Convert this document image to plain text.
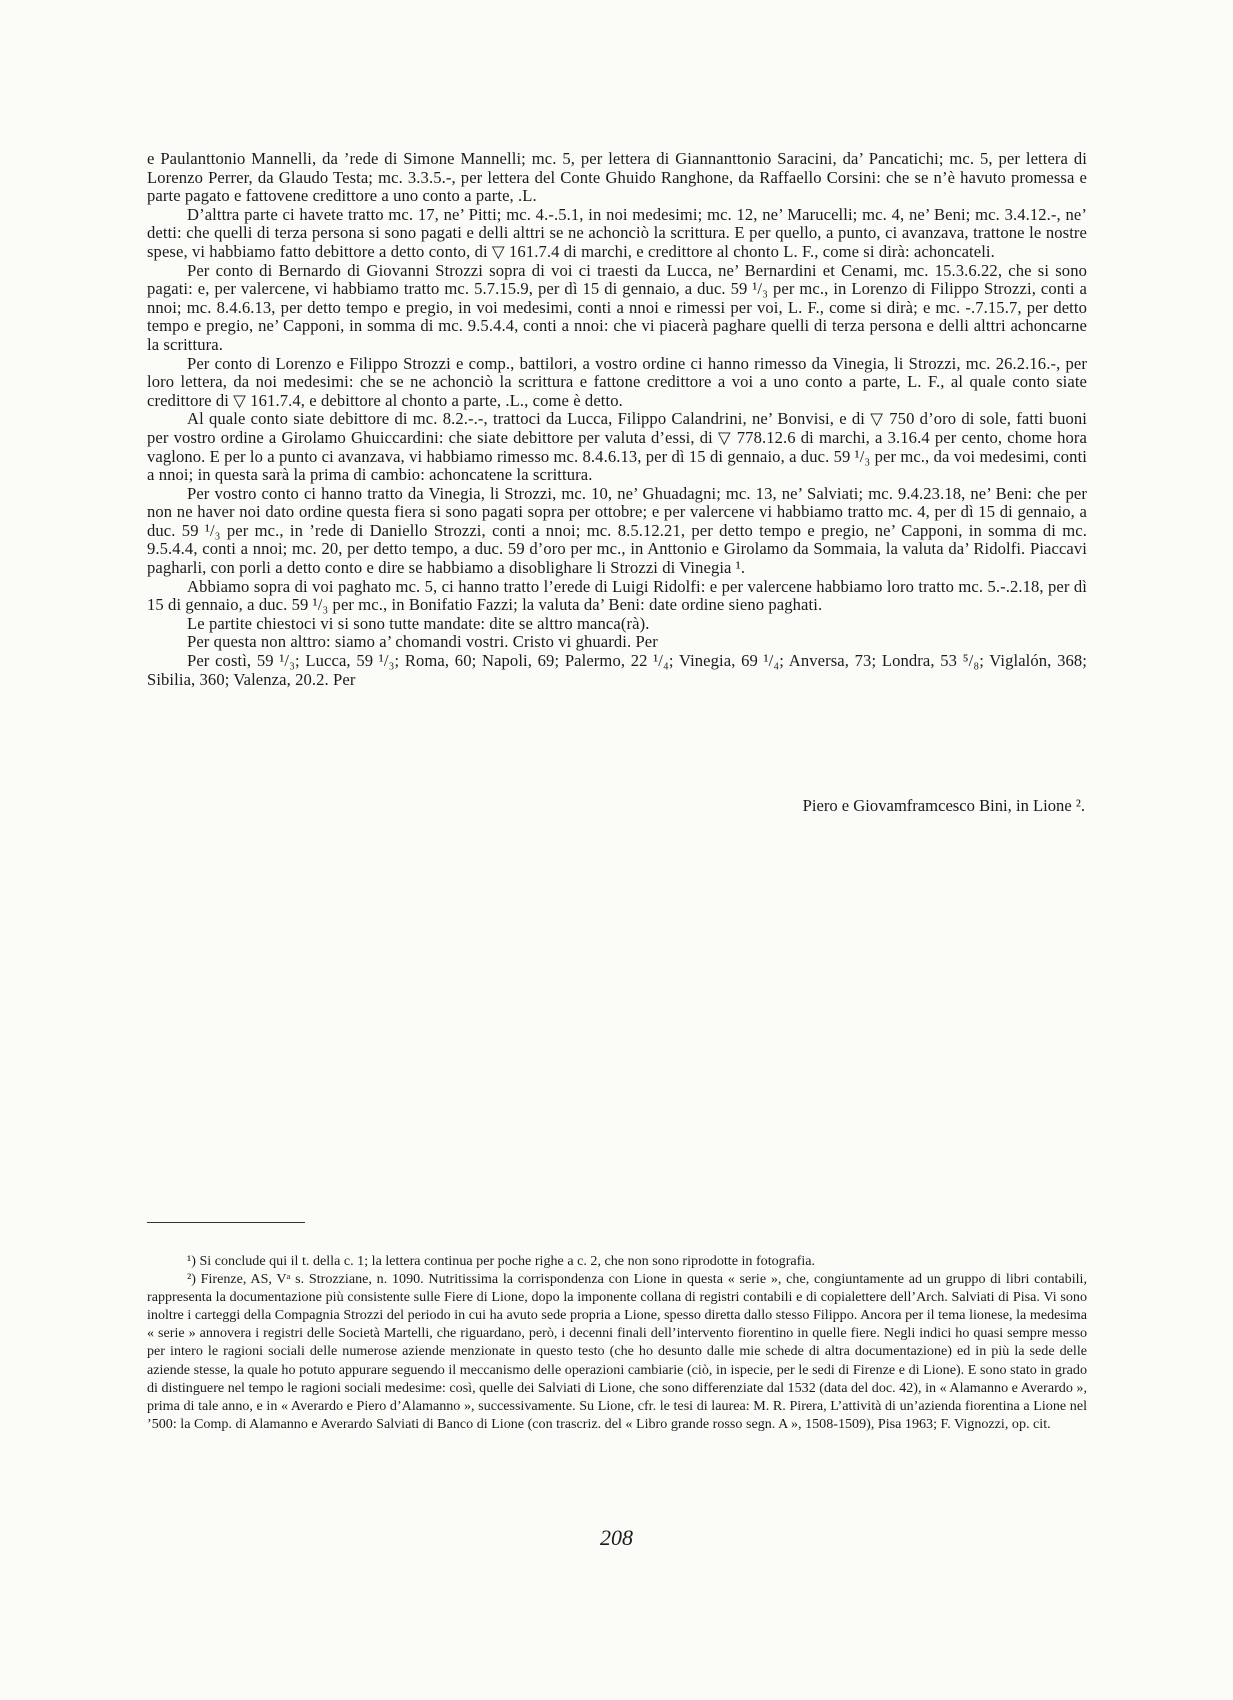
e Paulanttonio Mannelli, da ’rede di Simone Mannelli; mc. 5, per lettera di Giannanttonio Saracini, da’ Pancatichi; mc. 5, per lettera di Lorenzo Perrer, da Glaudo Testa; mc. 3.3.5.-, per lettera del Conte Ghuido Ranghone, da Raffaello Corsini: che se n’è havuto promessa e parte pagato e fattovene credittore a uno conto a parte, .L.

D’alttra parte ci havete tratto mc. 17, ne’ Pitti; mc. 4.-.5.1, in noi medesimi; mc. 12, ne’ Marucelli; mc. 4, ne’ Beni; mc. 3.4.12.-, ne’ detti: che quelli di terza persona si sono pagati e delli alttri se ne achonciò la scrittura. E per quello, a punto, ci avanzava, trattone le nostre spese, vi habbiamo fatto debittore a detto conto, di ▽ 161.7.4 di marchi, e credittore al chonto L. F., come si dirà: achoncateli.

Per conto di Bernardo di Giovanni Strozzi sopra di voi ci traesti da Lucca, ne’ Bernardini et Cenami, mc. 15.3.6.22, che si sono pagati: e, per valercene, vi habbiamo tratto mc. 5.7.15.9, per dì 15 di gennaio, a duc. 59 ¹/₃ per mc., in Lorenzo di Filippo Strozzi, conti a nnoi; mc. 8.4.6.13, per detto tempo e pregio, in voi medesimi, conti a nnoi e rimessi per voi, L. F., come si dirà; e mc. -.7.15.7, per detto tempo e pregio, ne’ Capponi, in somma di mc. 9.5.4.4, conti a nnoi: che vi piacerà paghare quelli di terza persona e delli alttri achoncarne la scrittura.

Per conto di Lorenzo e Filippo Strozzi e comp., battilori, a vostro ordine ci hanno rimesso da Vinegia, li Strozzi, mc. 26.2.16.-, per loro lettera, da noi medesimi: che se ne achonciò la scrittura e fattone credittore a voi a uno conto a parte, L. F., al quale conto siate credittore di ▽ 161.7.4, e debittore al chonto a parte, .L., come è detto.

Al quale conto siate debittore di mc. 8.2.-.-, trattoci da Lucca, Filippo Calandrini, ne’ Bonvisi, e di ▽ 750 d’oro di sole, fatti buoni per vostro ordine a Girolamo Ghuiccardini: che siate debittore per valuta d’essi, di ▽ 778.12.6 di marchi, a 3.16.4 per cento, chome hora vaglono. E per lo a punto ci avanzava, vi habbiamo rimesso mc. 8.4.6.13, per dì 15 di gennaio, a duc. 59 ¹/₃ per mc., da voi medesimi, conti a nnoi; in questa sarà la prima di cambio: achoncatene la scrittura.

Per vostro conto ci hanno tratto da Vinegia, li Strozzi, mc. 10, ne’ Ghuadagni; mc. 13, ne’ Salviati; mc. 9.4.23.18, ne’ Beni: che per non ne haver noi dato ordine questa fiera si sono pagati sopra per ottobre; e per valercene vi habbiamo tratto mc. 4, per dì 15 di gennaio, a duc. 59 ¹/₃ per mc., in ’rede di Daniello Strozzi, conti a nnoi; mc. 8.5.12.21, per detto tempo e pregio, ne’ Capponi, in somma di mc. 9.5.4.4, conti a nnoi; mc. 20, per detto tempo, a duc. 59 d’oro per mc., in Anttonio e Girolamo da Sommaia, la valuta da’ Ridolfi. Piaccavi pagharli, con porli a detto conto e dire se habbiamo a disoblighare li Strozzi di Vinegia ¹.

Abbiamo sopra di voi paghato mc. 5, ci hanno tratto l’erede di Luigi Ridolfi: e per valercene habbiamo loro tratto mc. 5.-.2.18, per dì 15 di gennaio, a duc. 59 ¹/₃ per mc., in Bonifatio Fazzi; la valuta da’ Beni: date ordine sieno paghati.

Le partite chiestoci vi si sono tutte mandate: dite se alttro manca(rà).

Per questa non alttro: siamo a’ chomandi vostri. Cristo vi ghuardi. Per

Per costì, 59 ¹/₃; Lucca, 59 ¹/₃; Roma, 60; Napoli, 69; Palermo, 22 ¹/₄; Vinegia, 69 ¹/₄; Anversa, 73; Londra, 53 ⁵/₈; Viglalón, 368; Sibilia, 360; Valenza, 20.2. Per

Piero e Giovamframcesco Bini, in Lione ².

¹) Si conclude qui il t. della c. 1; la lettera continua per poche righe a c. 2, che non sono riprodotte in fotografia.

²) Firenze, AS, Vᵃ s. Strozziane, n. 1090. Nutritissima la corrispondenza con Lione in questa « serie », che, congiuntamente ad un gruppo di libri contabili, rappresenta la documentazione più consistente sulle Fiere di Lione, dopo la imponente collana di registri contabili e di copialettere dell’Arch. Salviati di Pisa. Vi sono inoltre i carteggi della Compagnia Strozzi del periodo in cui ha avuto sede propria a Lione, spesso diretta dallo stesso Filippo. Ancora per il tema lionese, la medesima « serie » annovera i registri delle Società Martelli, che riguardano, però, i decenni finali dell’intervento fiorentino in quelle fiere. Negli indici ho quasi sempre messo per intero le ragioni sociali delle numerose aziende menzionate in questo testo (che ho desunto dalle mie schede di altra documentazione) ed in più la sede delle aziende stesse, la quale ho potuto appurare seguendo il meccanismo delle operazioni cambiarie (ciò, in ispecie, per le sedi di Firenze e di Lione). E sono stato in grado di distinguere nel tempo le ragioni sociali medesime: così, quelle dei Salviati di Lione, che sono differenziate dal 1532 (data del doc. 42), in « Alamanno e Averardo », prima di tale anno, e in « Averardo e Piero d’Alamanno », successivamente. Su Lione, cfr. le tesi di laurea: M. R. Pirera, L’attività di un’azienda fiorentina a Lione nel ’500: la Comp. di Alamanno e Averardo Salviati di Banco di Lione (con trascriz. del « Libro grande rosso segn. A », 1508-1509), Pisa 1963; F. Vignozzi, op. cit.

208
